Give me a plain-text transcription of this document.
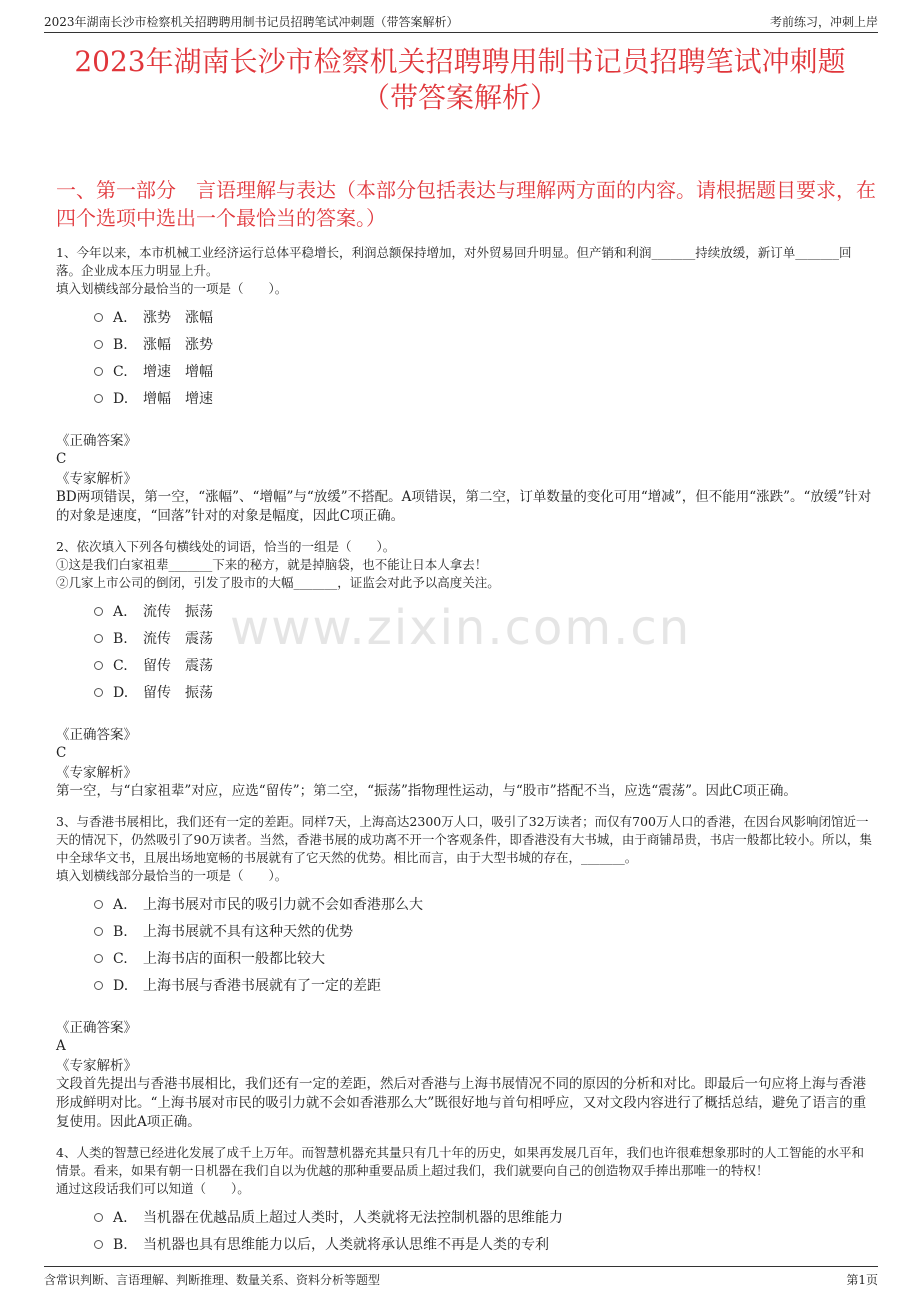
2023年湖南长沙市检察机关招聘聘用制书记员招聘笔试冲刺题（带答案解析）	考前练习，冲刺上岸
2023年湖南长沙市检察机关招聘聘用制书记员招聘笔试冲刺题
（带答案解析）
一、第一部分　言语理解与表达（本部分包括表达与理解两方面的内容。请根据题目要求，在四个选项中选出一个最恰当的答案。）
www.zixin.com.cn

1、今年以来，本市机械工业经济运行总体平稳增长，利润总额保持增加，对外贸易回升明显。但产销和利润_______持续放缓，新订单_______回落。企业成本压力明显上升。

填入划横线部分最恰当的一项是（　　）。

A.	涨势　涨幅
B.	涨幅　涨势
C.	增速　增幅
D.	增幅　增速
《正确答案》
C
《专家解析》
BD两项错误，第一空，“涨幅”、“增幅”与“放缓”不搭配。A项错误，第二空，订单数量的变化可用“增减”，但不能用“涨跌”。“放缓”针对的对象是速度，“回落”针对的对象是幅度，因此C项正确。

2、依次填入下列各句横线处的词语，恰当的一组是（　　）。

①这是我们白家祖辈_______下来的秘方，就是掉脑袋，也不能让日本人拿去！

②几家上市公司的倒闭，引发了股市的大幅_______，证监会对此予以高度关注。

A.	流传　振荡
B.	流传　震荡
C.	留传　震荡
D.	留传　振荡
《正确答案》
C
《专家解析》
第一空，与“白家祖辈”对应，应选“留传”；第二空，“振荡”指物理性运动，与“股市”搭配不当，应选“震荡”。因此C项正确。

3、与香港书展相比，我们还有一定的差距。同样7天，上海高达2300万人口，吸引了32万读者；而仅有700万人口的香港，在因台风影响闭馆近一天的情况下，仍然吸引了90万读者。当然，香港书展的成功离不开一个客观条件，即香港没有大书城，由于商铺昂贵，书店一般都比较小。所以，集中全球华文书，且展出场地宽畅的书展就有了它天然的优势。相比而言，由于大型书城的存在，_______。

填入划横线部分最恰当的一项是（　　）。

A.	上海书展对市民的吸引力就不会如香港那么大
B.	上海书展就不具有这种天然的优势
C.	上海书店的面积一般都比较大
D.	上海书展与香港书展就有了一定的差距
《正确答案》
A
《专家解析》
文段首先提出与香港书展相比，我们还有一定的差距，然后对香港与上海书展情况不同的原因的分析和对比。即最后一句应将上海与香港形成鲜明对比。“上海书展对市民的吸引力就不会如香港那么大”既很好地与首句相呼应，又对文段内容进行了概括总结，避免了语言的重复使用。因此A项正确。

4、人类的智慧已经进化发展了成千上万年。而智慧机器充其量只有几十年的历史，如果再发展几百年，我们也许很难想象那时的人工智能的水平和情景。看来，如果有朝一日机器在我们自以为优越的那种重要品质上超过我们，我们就要向自己的创造物双手捧出那唯一的特权！

通过这段话我们可以知道（　　）。

A.	当机器在优越品质上超过人类时，人类就将无法控制机器的思维能力
B.	当机器也具有思维能力以后，人类就将承认思维不再是人类的专利
含常识判断、言语理解、判断推理、数量关系、资料分析等题型	第1页
